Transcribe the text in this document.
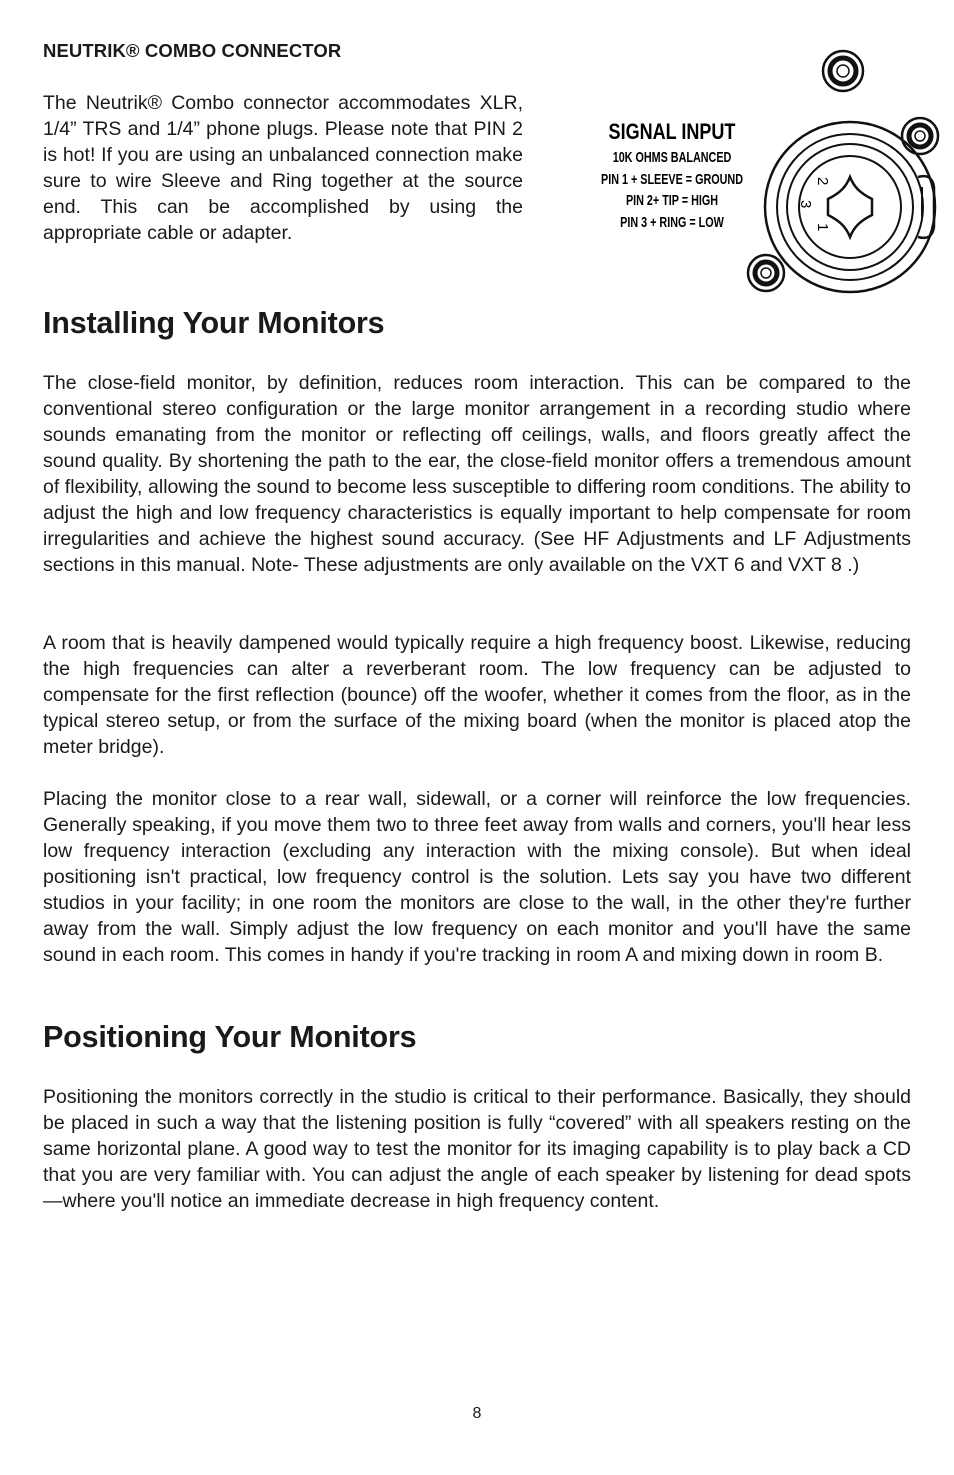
NEUTRIK® COMBO CONNECTOR

The Neutrik® Combo connector accommodates XLR, 1/4” TRS and 1/4” phone plugs. Please note that PIN 2 is hot! If you are using an unbalanced connection make sure to wire Sleeve and Ring together at the source end. This can be accomplished by using the appropriate cable or adapter.

SIGNAL INPUT
10K OHMS BALANCED
PIN 1 + SLEEVE = GROUND
PIN 2+ TIP = HIGH
PIN 3 + RING = LOW
2
3
1
Installing Your Monitors

The close-field monitor, by definition, reduces room interaction. This can be compared to the conventional stereo configuration or the large monitor arrangement in a recording studio where sounds emanating from the monitor or reflecting off ceilings, walls, and floors greatly affect the sound quality. By shortening the path to the ear, the close-field monitor offers a tremendous amount of flexibility, allowing the sound to become less susceptible to differing room conditions. The ability to adjust the high and low frequency characteristics is equally important to help compensate for room irregularities and achieve the highest sound accuracy. (See HF Adjustments and LF Adjustments sections in this manual. Note- These adjustments are only available on the VXT 6 and VXT 8 .)

A room that is heavily dampened would typically require a high frequency boost. Likewise, reducing the high frequencies can alter a reverberant room. The low frequency can be adjusted to compensate for the first reflection (bounce) off the woofer, whether it comes from the floor, as in the typical stereo setup, or from the surface of the mixing board (when the monitor is placed atop the meter bridge).

Placing the monitor close to a rear wall, sidewall, or a corner will reinforce the low frequencies. Generally speaking, if you move them two to three feet away from walls and corners, you'll hear less low frequency interaction (excluding any interaction with the mixing console). But when ideal positioning isn't practical, low frequency control is the solution. Lets say you have two different studios in your facility; in one room the monitors are close to the wall, in the other they're further away from the wall. Simply adjust the low frequency on each monitor and you'll have the same sound in each room. This comes in handy if you're tracking in room A and mixing down in room B.

Positioning Your Monitors

Positioning the monitors correctly in the studio is critical to their performance. Basically, they should be placed in such a way that the listening position is fully “covered” with all speakers resting on the same horizontal plane. A good way to test the monitor for its imaging capability is to play back a CD that you are very familiar with. You can adjust the angle of each speaker by listening for dead spots—where you'll notice an immediate decrease in high frequency content.

8
